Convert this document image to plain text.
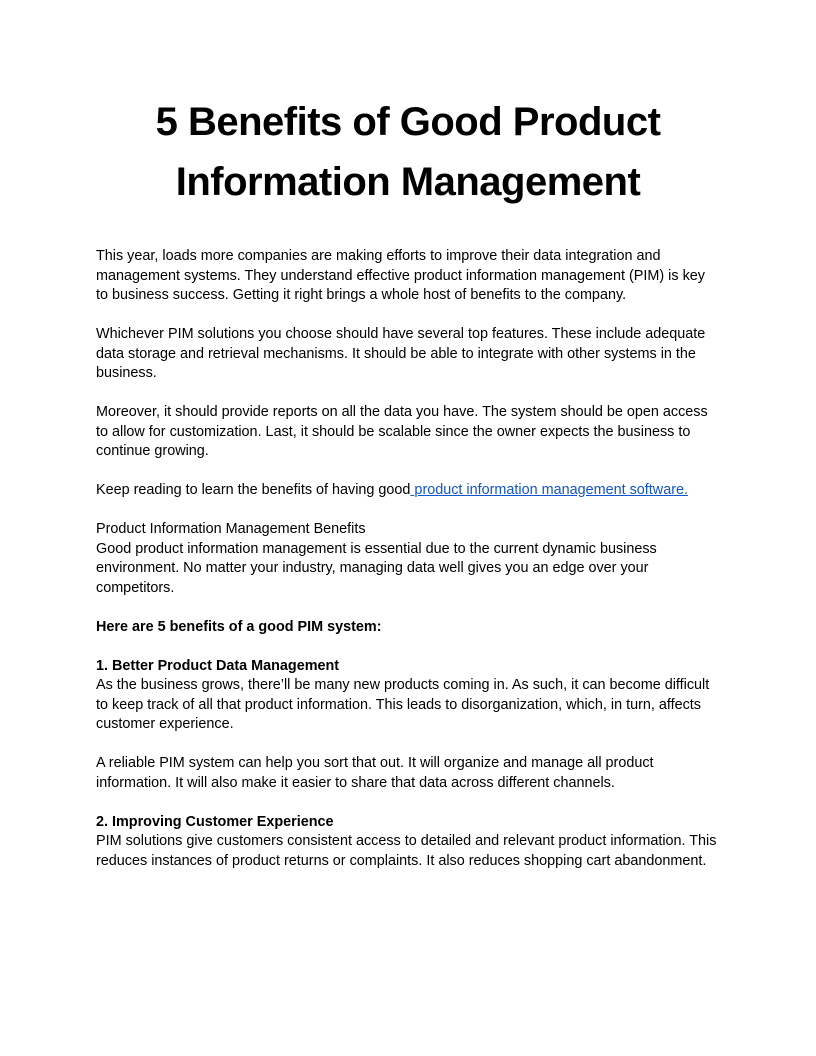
5 Benefits of Good Product
Information Management

This year, loads more companies are making efforts to improve their data integration and management systems. They understand effective product information management (PIM) is key to business success. Getting it right brings a whole host of benefits to the company.

Whichever PIM solutions you choose should have several top features. These include adequate data storage and retrieval mechanisms. It should be able to integrate with other systems in the business.

Moreover, it should provide reports on all the data you have. The system should be open access to allow for customization. Last, it should be scalable since the owner expects the business to continue growing.

Keep reading to learn the benefits of having good product information management software.

Product Information Management Benefits

Good product information management is essential due to the current dynamic business environment. No matter your industry, managing data well gives you an edge over your competitors.

Here are 5 benefits of a good PIM system:

1. Better Product Data Management

As the business grows, there’ll be many new products coming in. As such, it can become difficult to keep track of all that product information. This leads to disorganization, which, in turn, affects customer experience.

A reliable PIM system can help you sort that out. It will organize and manage all product information. It will also make it easier to share that data across different channels.

2. Improving Customer Experience

PIM solutions give customers consistent access to detailed and relevant product information. This reduces instances of product returns or complaints. It also reduces shopping cart abandonment.
